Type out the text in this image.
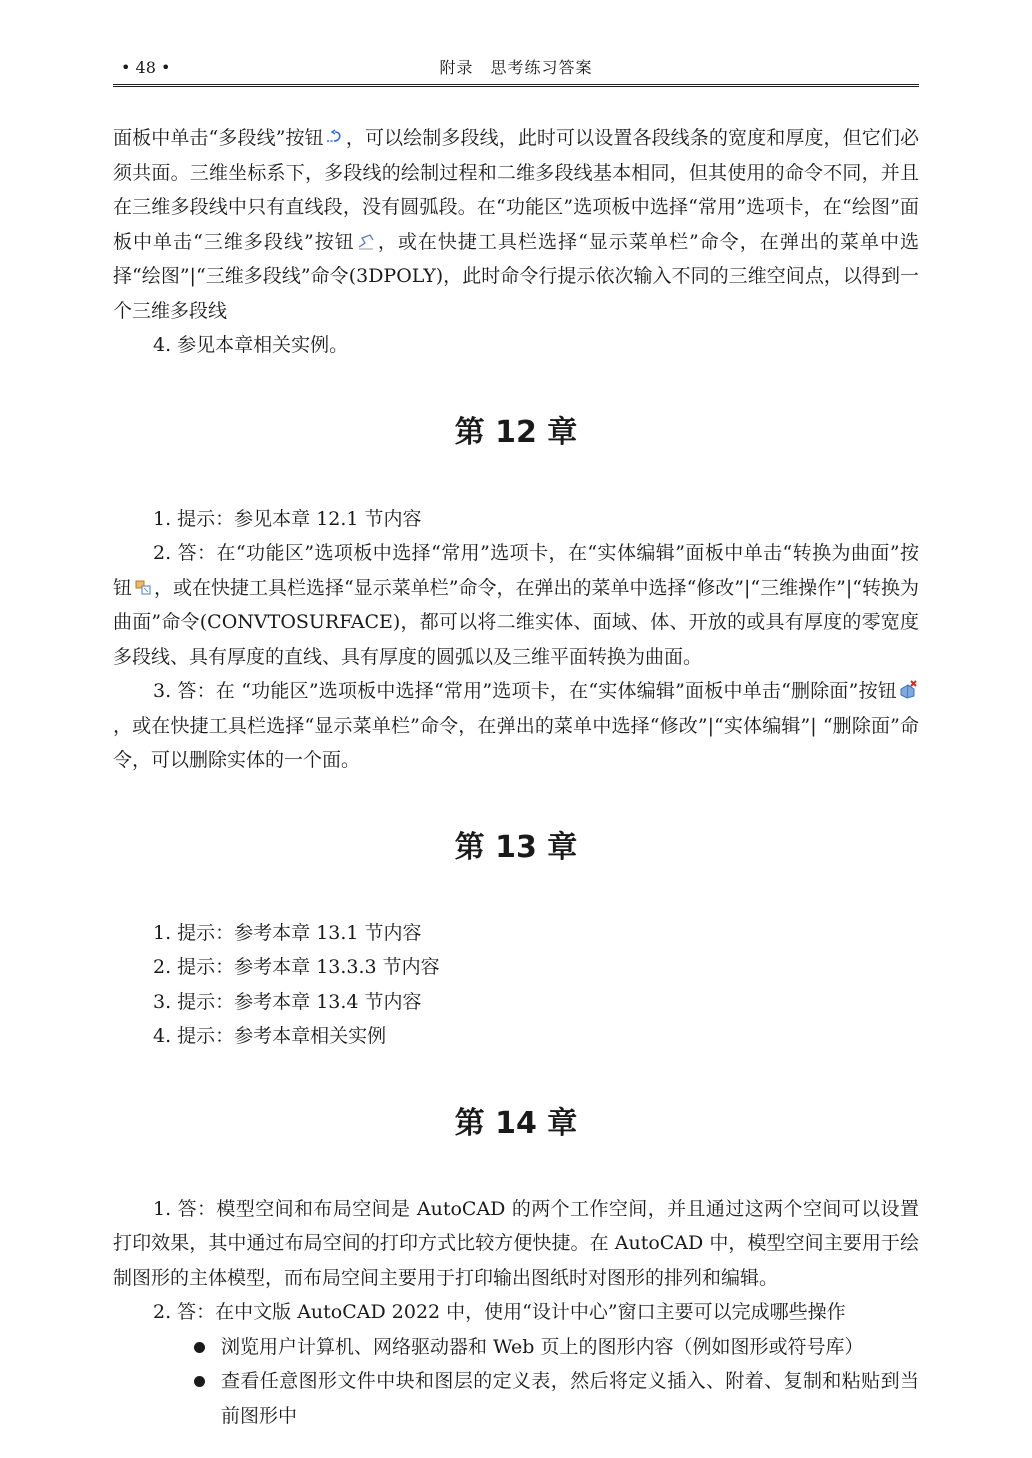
• 48 •	附录　思考练习答案

面板中单击“多段线”按钮 ，可以绘制多段线，此时可以设置各段线条的宽度和厚度，但它们必须共面。三维坐标系下，多段线的绘制过程和二维多段线基本相同，但其使用的命令不同，并且在三维多段线中只有直线段，没有圆弧段。在“功能区”选项板中选择“常用”选项卡，在“绘图”面板中单击“三维多段线”按钮 ，或在快捷工具栏选择“显示菜单栏”命令，在弹出的菜单中选择“绘图”|“三维多段线”命令(3DPOLY)，此时命令行提示依次输入不同的三维空间点，以得到一个三维多段线

4. 参见本章相关实例。

第 12 章

1. 提示：参见本章 12.1 节内容

2. 答：在“功能区”选项板中选择“常用”选项卡，在“实体编辑”面板中单击“转换为曲面”按钮 ，或在快捷工具栏选择“显示菜单栏”命令，在弹出的菜单中选择“修改”|“三维操作”|“转换为曲面”命令(CONVTOSURFACE)，都可以将二维实体、面域、体、开放的或具有厚度的零宽度多段线、具有厚度的直线、具有厚度的圆弧以及三维平面转换为曲面。

3. 答：在 “功能区”选项板中选择“常用”选项卡，在“实体编辑”面板中单击“删除面”按钮，或在快捷工具栏选择“显示菜单栏”命令，在弹出的菜单中选择“修改”|“实体编辑”| “删除面”命令，可以删除实体的一个面。

第 13 章

1. 提示：参考本章 13.1 节内容

2. 提示：参考本章 13.3.3 节内容

3. 提示：参考本章 13.4 节内容

4. 提示：参考本章相关实例

第 14 章

1. 答：模型空间和布局空间是 AutoCAD 的两个工作空间，并且通过这两个空间可以设置打印效果，其中通过布局空间的打印方式比较方便快捷。在 AutoCAD 中，模型空间主要用于绘制图形的主体模型，而布局空间主要用于打印输出图纸时对图形的排列和编辑。

2. 答：在中文版 AutoCAD 2022 中，使用“设计中心”窗口主要可以完成哪些操作

浏览用户计算机、网络驱动器和 Web 页上的图形内容（例如图形或符号库）
查看任意图形文件中块和图层的定义表，然后将定义插入、附着、复制和粘贴到当前图形中
